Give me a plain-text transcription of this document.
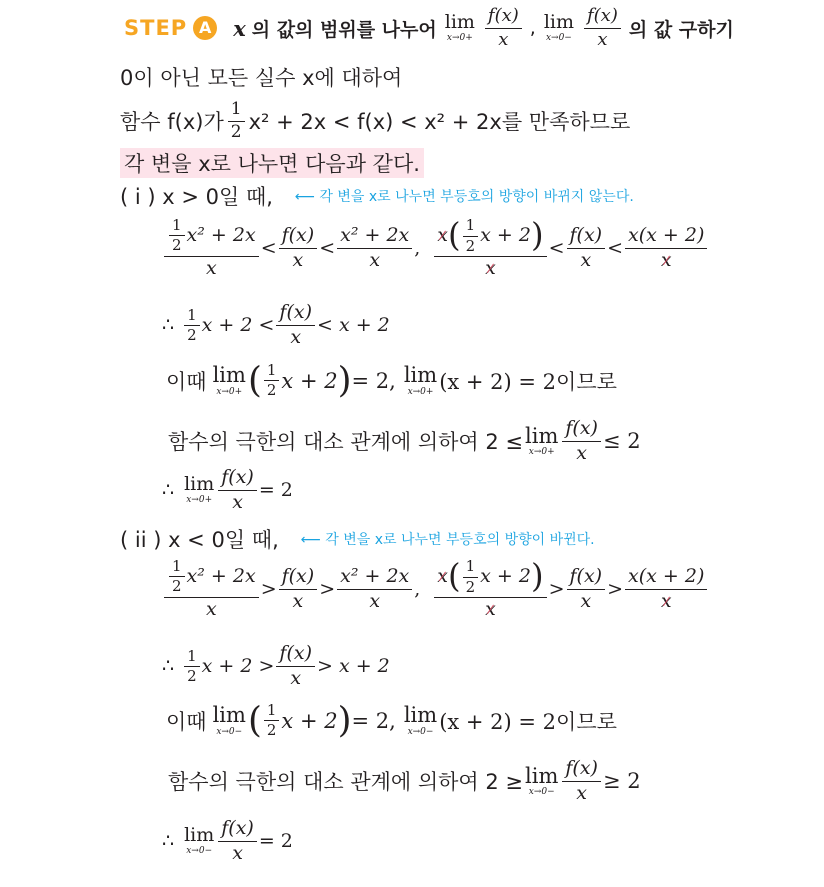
STEP A x 의 값의 범위를 나누어 lim
$x\to 0+ \frac{f(x)}{x}$ , lim
$x\to 0- \frac{f(x)}{x}$ 의 값 구하기
0이 아닌 모든 실수 x에 대하여
함수 f(x)가 $\frac{1}{2} x^2 + 2x < f(x) < x^2 + 2x$를 만족하므로
각 변을 x로 나누면 다음과 같다.
( i ) x > 0일 때, ⟵ 각 변을 x로 나누면 부등호의 방향이 바뀌지 않는다.
$\frac{\frac{1}{2} x^2 + 2x}{x} < \frac{f(x)}{x} < \frac{\text{x² + 2x}}{x}$ , $\frac{x( \frac{1}{2} x + 2)}{x} < \frac{f(x)}{x} < \frac{x(x + 2)}{x}$
∴ $\frac{1}{2}$ $x + 2 < \frac{f(x)}{x} < x + 2$
이때 lim
x→0+ ( $\frac{1}{2}$ x + 2 ) = 2, lim
x→0+ (x + 2) = 2이므로
함수의 극한의 대소 관계에 의하여 2 ≤ lim
$x\to 0+ \frac{f(x)}{x} \le 2$
∴ lim
$x\to 0+ \frac{f(x)}{x} = 2$
( ii ) x < 0일 때, ⟵ 각 변을 x로 나누면 부등호의 방향이 바뀐다.
$\frac{\frac{1}{2} x^2 + 2x}{x} > \frac{f(x)}{x} > \frac{\text{x² + 2x}}{x}$ , $\frac{x( \frac{1}{2} x + 2)}{x} > \frac{f(x)}{x} > \frac{x(x + 2)}{x}$
∴ $\frac{1}{2}$ $x + 2 > \frac{f(x)}{x} > x + 2$
이때 lim
x→0− ( $\frac{1}{2}$ x + 2 ) = 2, lim
x→0− (x + 2) = 2이므로
함수의 극한의 대소 관계에 의하여 2 ≥ lim
$x\to 0- \frac{f(x)}{x} \ge 2$
∴ lim
$x\to 0- \frac{f(x)}{x} = 2$
